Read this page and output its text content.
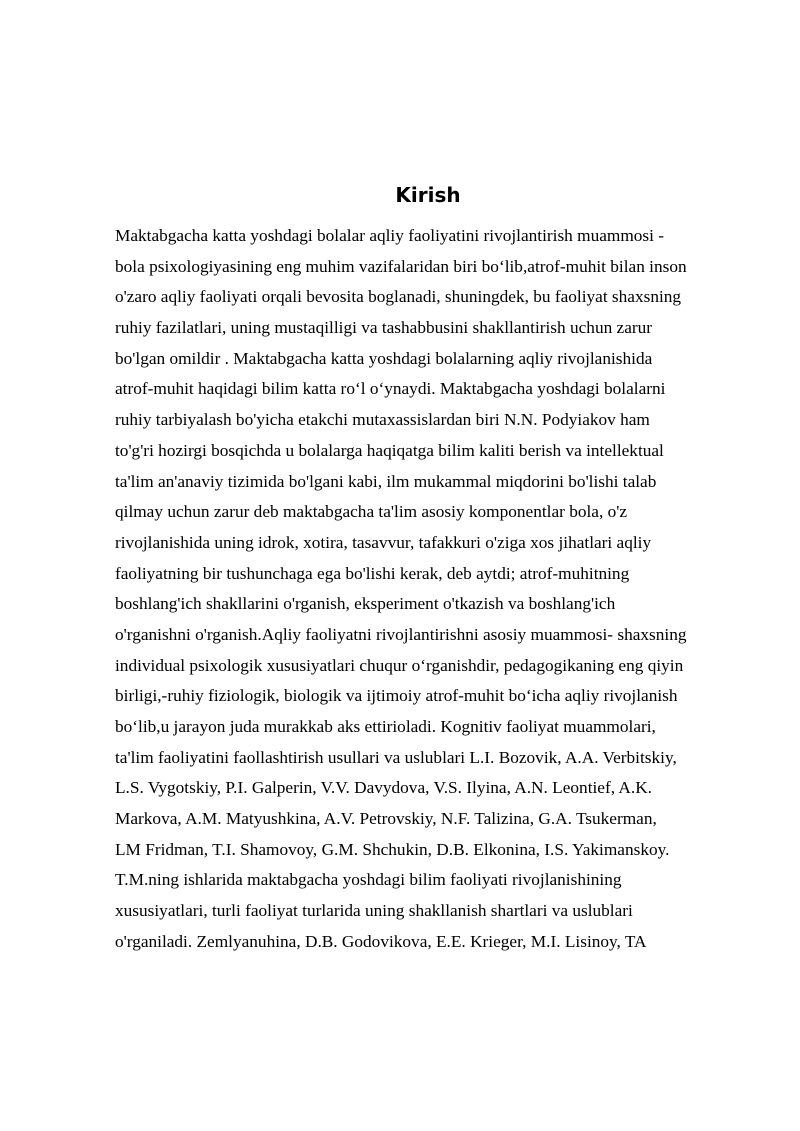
Kirish
Maktabgacha katta yoshdagi bolalar aqliy faoliyatini rivojlantirish muammosi -
bola psixologiyasining eng muhim vazifalaridan biri boʻlib,atrof-muhit bilan inson
o'zaro aqliy faoliyati orqali bevosita boglanadi, shuningdek, bu faoliyat shaxsning
ruhiy fazilatlari, uning mustaqilligi va tashabbusini shakllantirish uchun zarur
bo'lgan omildir . Maktabgacha katta yoshdagi bolalarning aqliy rivojlanishida
atrof-muhit haqidagi bilim katta roʻl oʻynaydi. Maktabgacha yoshdagi bolalarni
ruhiy tarbiyalash bo'yicha etakchi mutaxassislardan biri N.N. Podyiakov ham
to'g'ri hozirgi bosqichda u bolalarga haqiqatga bilim kaliti berish va intellektual
ta'lim an'anaviy tizimida bo'lgani kabi, ilm mukammal miqdorini bo'lishi talab
qilmay uchun zarur deb maktabgacha ta'lim asosiy komponentlar bola, o'z
rivojlanishida uning idrok, xotira, tasavvur, tafakkuri o'ziga xos jihatlari aqliy
faoliyatning bir tushunchaga ega bo'lishi kerak, deb aytdi; atrof-muhitning
boshlang'ich shakllarini o'rganish, eksperiment o'tkazish va boshlang'ich
o'rganishni o'rganish.Aqliy faoliyatni rivojlantirishni asosiy muammosi- shaxsning
individual psixologik xususiyatlari chuqur oʻrganishdir, pedagogikaning eng qiyin
birligi,-ruhiy fiziologik, biologik va ijtimoiy atrof-muhit boʻicha aqliy rivojlanish
boʻlib,u jarayon juda murakkab aks ettirioladi. Kognitiv faoliyat muammolari,
ta'lim faoliyatini faollashtirish usullari va uslublari L.I. Bozovik, A.A. Verbitskiy,
L.S. Vygotskiy, P.I. Galperin, V.V. Davydova, V.S. Ilyina, A.N. Leontief, A.K.
Markova, A.M. Matyushkina, A.V. Petrovskiy, N.F. Talizina, G.A. Tsukerman,
LM Fridman, T.I. Shamovoy, G.M. Shchukin, D.B. Elkonina, I.S. Yakimanskoy.
T.M.ning ishlarida maktabgacha yoshdagi bilim faoliyati rivojlanishining
xususiyatlari, turli faoliyat turlarida uning shakllanish shartlari va uslublari
o'rganiladi. Zemlyanuhina, D.B. Godovikova, E.E. Krieger, M.I. Lisinoy, TA
